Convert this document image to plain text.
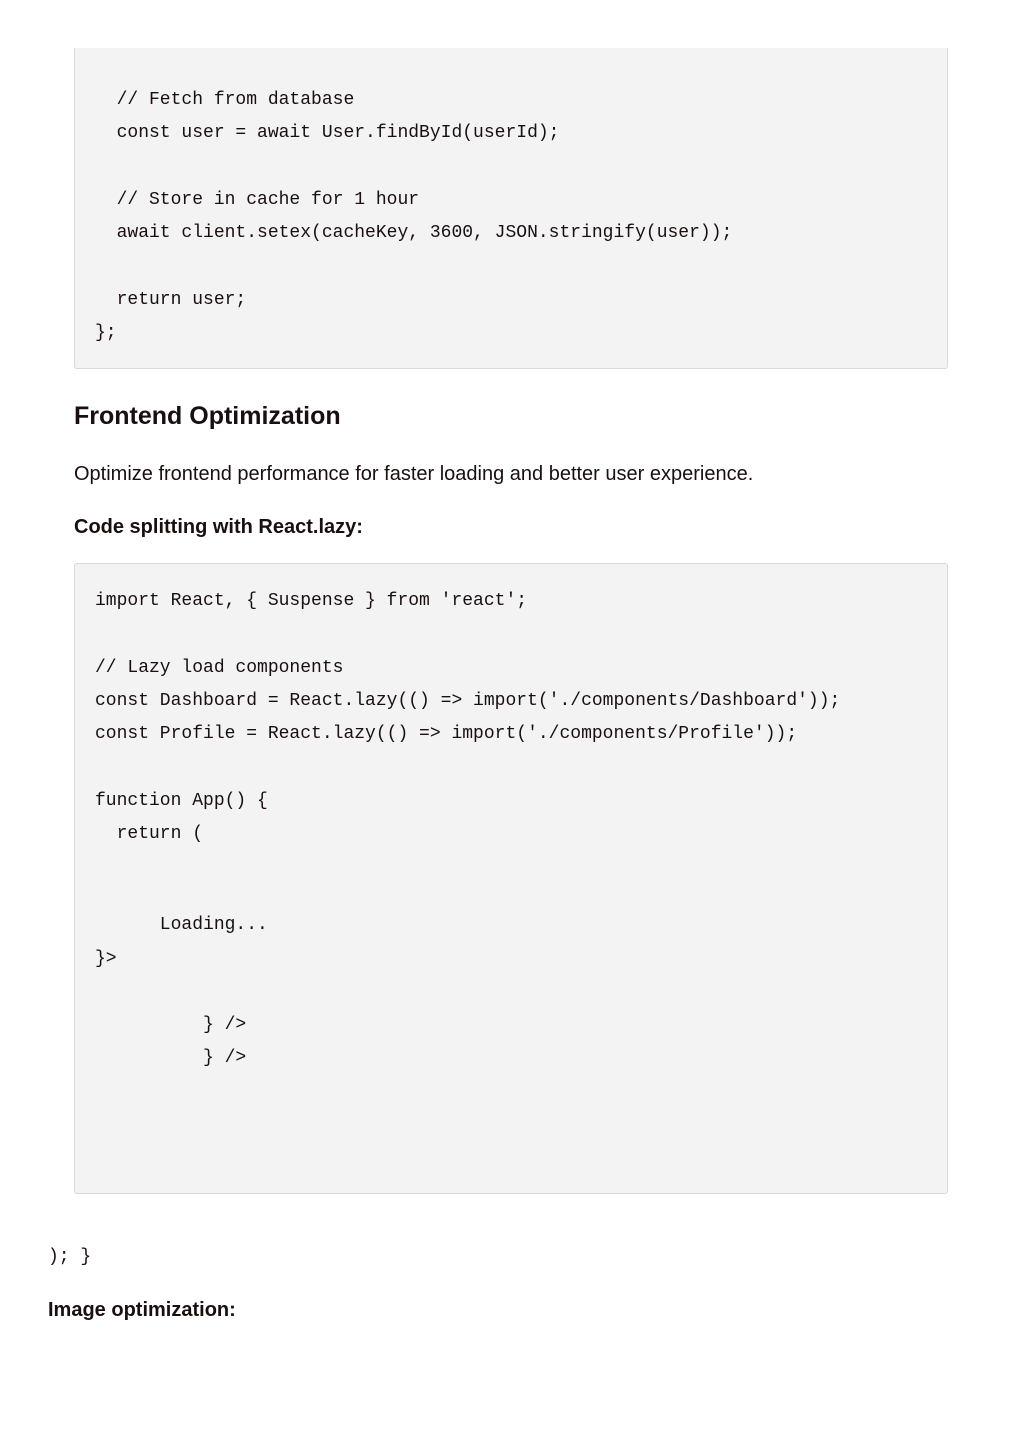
// Fetch from database
const user = await User.findById(userId);
// Store in cache for 1 hour
await client.setex(cacheKey, 3600, JSON.stringify(user));
return user;
};
Frontend Optimization

Optimize frontend performance for faster loading and better user experience.

Code splitting with React.lazy:

import React, { Suspense } from 'react';
// Lazy load components
const Dashboard = React.lazy(() => import('./components/Dashboard'));
const Profile = React.lazy(() => import('./components/Profile'));
function App() {
return (
Loading...
}>
} />
} />
); }

Image optimization:
